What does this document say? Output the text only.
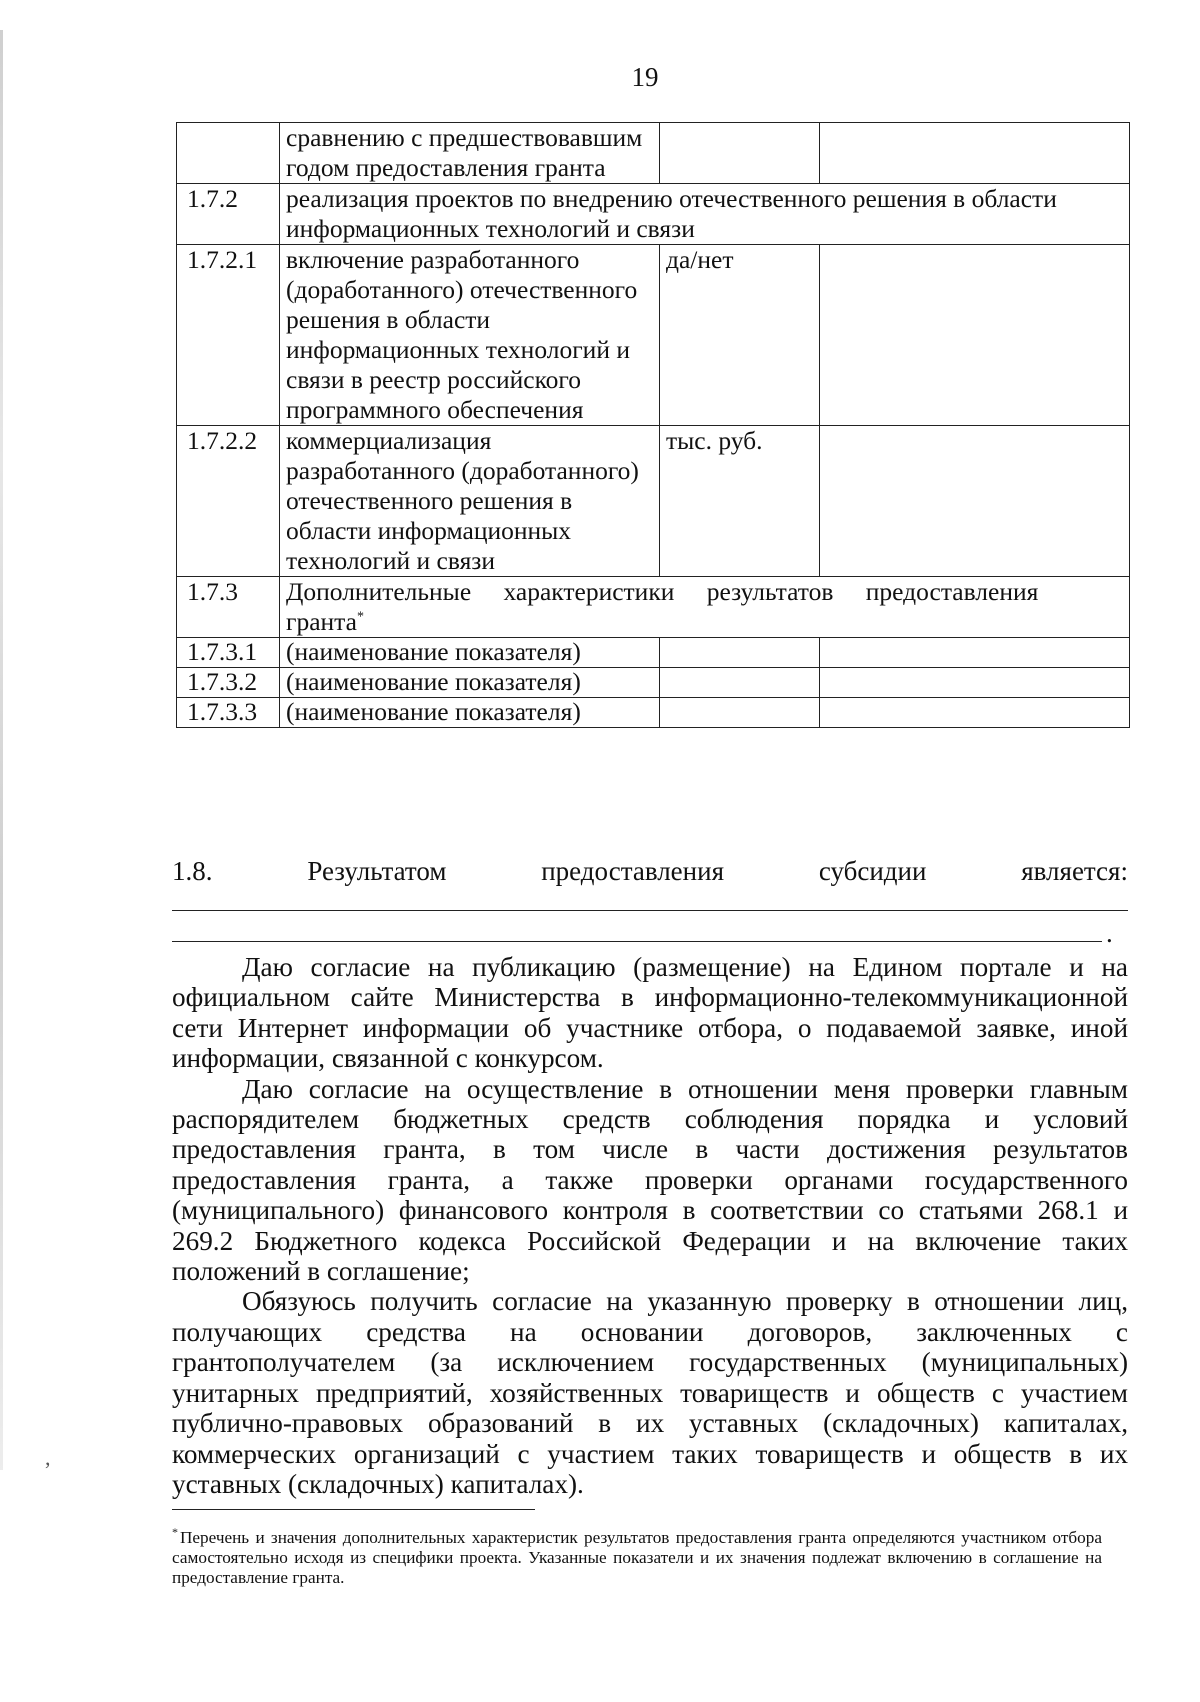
19
	сравнению с предшествовавшим годом предоставления гранта		
1.7.2	реализация проектов по внедрению отечественного решения в области информационных технологий и связи		
1.7.2.1	включение разработанного (доработанного) отечественного решения в области информационных технологий и связи в реестр российского программного обеспечения	да/нет	
1.7.2.2	коммерциализация разработанного (доработанного) отечественного решения в области информационных технологий и связи	тыс. руб.	
1.7.3	Дополнительные характеристики результатов предоставления гранта*
1.7.3.1	(наименование показателя)		
1.7.3.2	(наименование показателя)		
1.7.3.3	(наименование показателя)		
1.8.	Результатом	предоставления	субсидии	является:
.

Даю согласие на публикацию (размещение) на Едином портале и на официальном сайте Министерства в информационно-телекоммуникационной сети Интернет информации об участнике отбора, о подаваемой заявке, иной информации, связанной с конкурсом.

Даю согласие на осуществление в отношении меня проверки главным распорядителем бюджетных средств соблюдения порядка и условий предоставления гранта, в том числе в части достижения результатов предоставления гранта, а также проверки органами государственного (муниципального) финансового контроля в соответствии со статьями 268.1 и 269.2 Бюджетного кодекса Российской Федерации и на включение таких положений в соглашение;

Обязуюсь получить согласие на указанную проверку в отношении лиц, получающих средства на основании договоров, заключенных с грантополучателем (за исключением государственных (муниципальных) унитарных предприятий, хозяйственных товариществ и обществ с участием публично-правовых образований в их уставных (складочных) капиталах, коммерческих организаций с участием таких товариществ и обществ в их уставных (складочных) капиталах).

,
* Перечень и значения дополнительных характеристик результатов предоставления гранта определяются участником отбора самостоятельно исходя из специфики проекта. Указанные показатели и их значения подлежат включению в соглашение на предоставление гранта.
